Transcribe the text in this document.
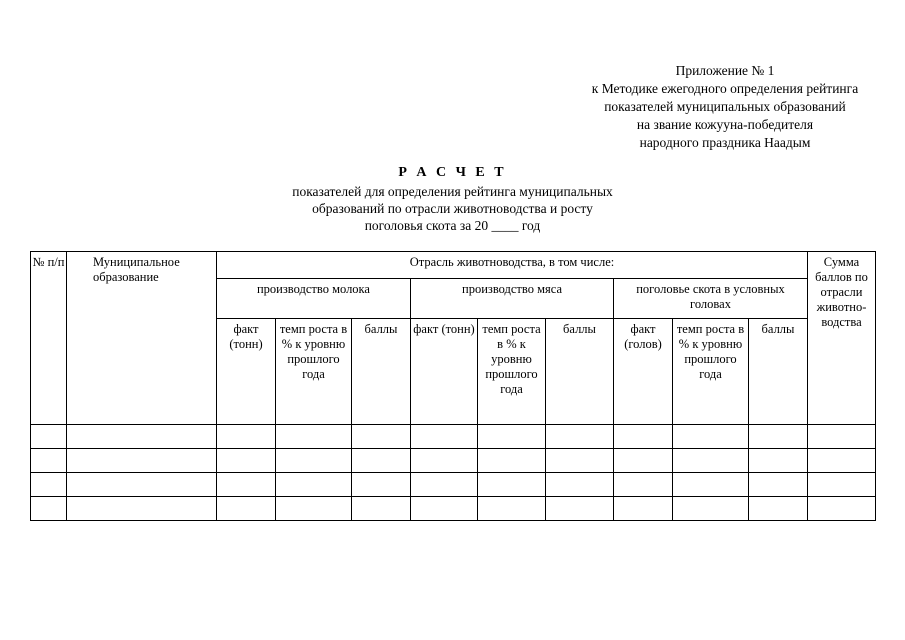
Приложение № 1
к Методике ежегодного определения рейтинга
показателей муниципальных образований
на звание кожууна-победителя
народного праздника Наадым
Р А С Ч Е Т
показателей для определения рейтинга муниципальных
образований по отрасли животноводства и росту
поголовья скота за 20 ____ год
№ п/п	Муниципальное образование	Отрасль животноводства, в том числе:									Сумма баллов по отрасли животно-водства
		производство молока			производство мяса			поголовье скота в условных головах			
		факт (тонн)	темп роста в % к уровню прошлого года	баллы	факт (тонн)	темп роста в % к уровню прошлого года	баллы	факт (голов)	темп роста в % к уровню прошлого года	баллы	
